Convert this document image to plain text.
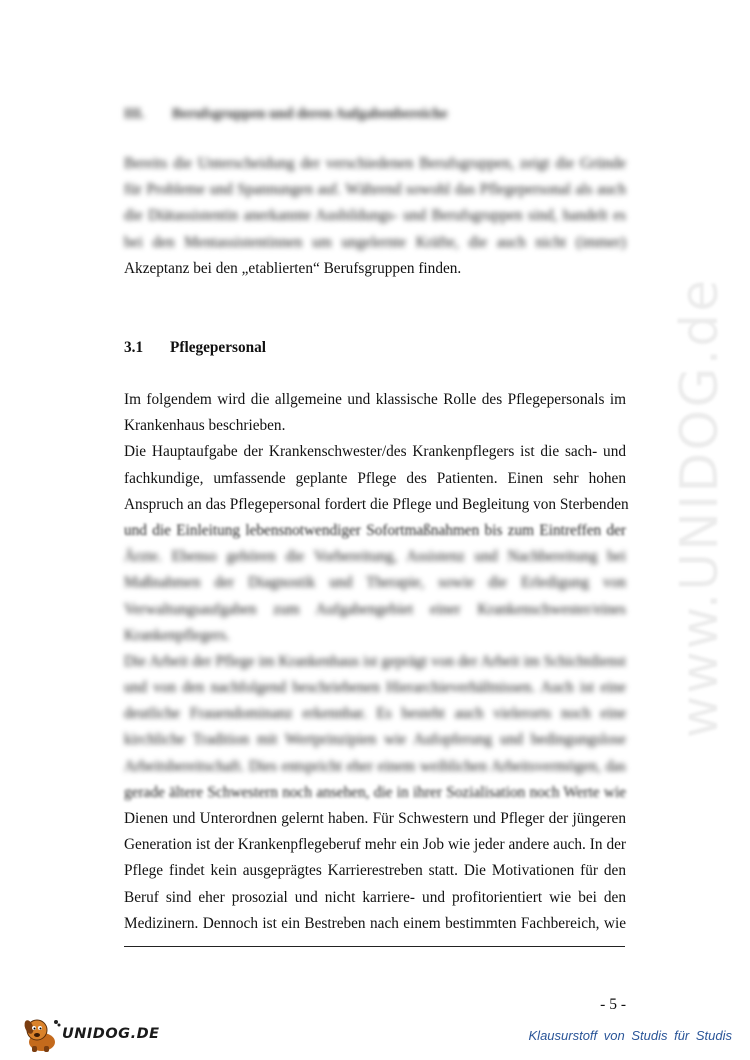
www.UNIDOG.de
III. Berufsgruppen und deren Aufgabenbereiche
Bereits die Unterscheidung der verschiedenen Berufsgruppen, zeigt die Gründe
für Probleme und Spannungen auf. Während sowohl das Pflegepersonal als auch
die Diätassistentin anerkannte Ausbildungs- und Berufsgruppen sind, handelt es
bei den Mentassistentinnen um ungelernte Kräfte, die auch nicht (immer)
Akzeptanz bei den „etablierten“ Berufsgruppen finden.
3.1 Pflegepersonal
Im folgendem wird die allgemeine und klassische Rolle des Pflegepersonals im
Krankenhaus beschrieben.
Die Hauptaufgabe der Krankenschwester/des Krankenpflegers ist die sach- und
fachkundige, umfassende geplante Pflege des Patienten. Einen sehr hohen
Anspruch an das Pflegepersonal fordert die Pflege und Begleitung von Sterbenden
und die Einleitung lebensnotwendiger Sofortmaßnahmen bis zum Eintreffen der
Ärzte. Ebenso gehören die Vorbereitung, Assistenz und Nachbereitung bei
Maßnahmen der Diagnostik und Therapie, sowie die Erledigung von
Verwaltungsaufgaben zum Aufgabengebiet einer Krankenschwester/eines
Krankenpflegers.
Die Arbeit der Pflege im Krankenhaus ist geprägt von der Arbeit im Schichtdienst
und von den nachfolgend beschriebenen Hierarchieverhältnissen. Auch ist eine
deutliche Frauendominanz erkennbar. Es besteht auch vielerorts noch eine
kirchliche Tradition mit Wertprinzipien wie Aufopferung und bedingungslose
Arbeitsbereitschaft. Dies entspricht eher einem weiblichen Arbeitsvermögen, das
gerade ältere Schwestern noch ansehen, die in ihrer Sozialisation noch Werte wie
Dienen und Unterordnen gelernt haben. Für Schwestern und Pfleger der jüngeren
Generation ist der Krankenpflegeberuf mehr ein Job wie jeder andere auch. In der
Pflege findet kein ausgeprägtes Karrierestreben statt. Die Motivationen für den
Beruf sind eher prosozial und nicht karriere- und profitorientiert wie bei den
Medizinern. Dennoch ist ein Bestreben nach einem bestimmten Fachbereich, wie
- 5 -
UNIDOG.DE	Klausurstoff von Studis für Studis
